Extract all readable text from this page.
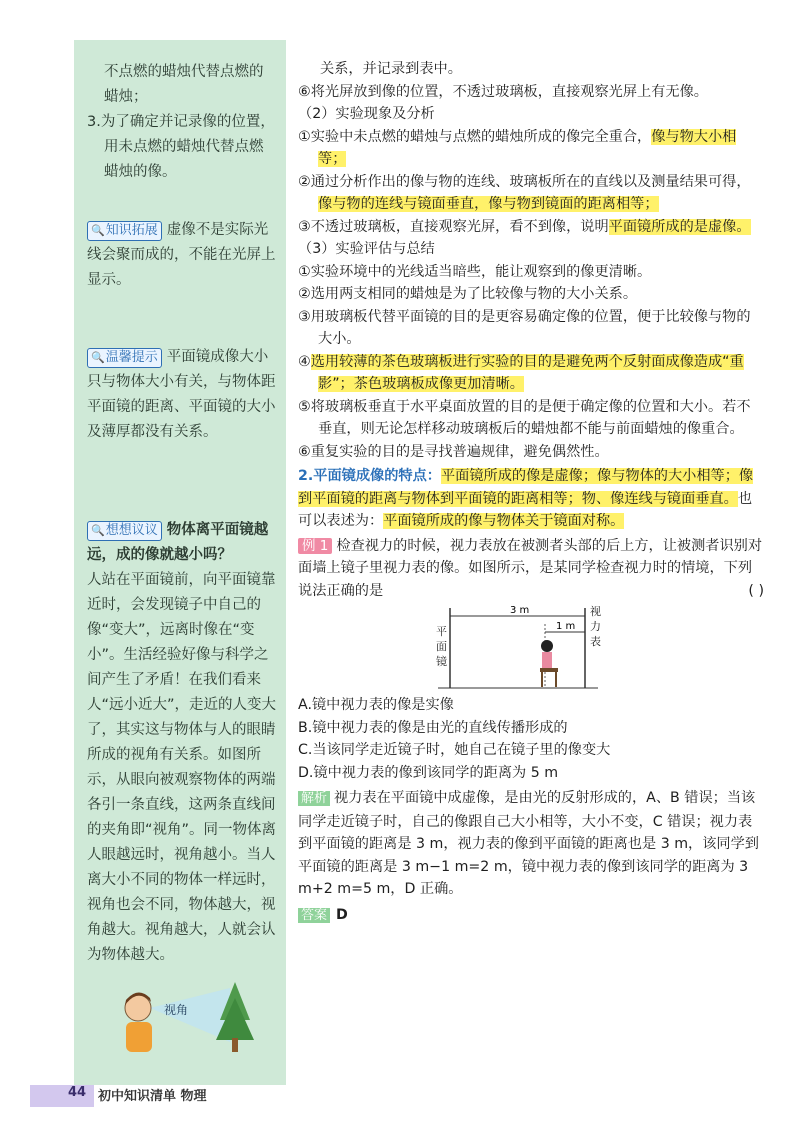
不点燃的蜡烛代替点燃的

蜡烛；

3.为了确定并记录像的位置，用未点燃的蜡烛代替点燃蜡烛的像。

🔍知识拓展 虚像不是实际光线会聚而成的，不能在光屏上显示。

🔍温馨提示 平面镜成像大小只与物体大小有关，与物体距平面镜的距离、平面镜的大小及薄厚都没有关系。

🔍想想议议 物体离平面镜越远，成的像就越小吗？

人站在平面镜前，向平面镜靠近时，会发现镜子中自己的像“变大”，远离时像在“变小”。生活经验好像与科学之间产生了矛盾！在我们看来人“远小近大”，走近的人变大了，其实这与物体与人的眼睛所成的视角有关系。如图所示，从眼向被观察物体的两端各引一条直线，这两条直线间的夹角即“视角”。同一物体离人眼越远时，视角越小。当人离大小不同的物体一样远时，视角也会不同，物体越大，视角越大。视角越大，人就会认为物体越大。

视角

关系，并记录到表中。

⑥将光屏放到像的位置，不透过玻璃板，直接观察光屏上有无像。

（2）实验现象及分析

①实验中未点燃的蜡烛与点燃的蜡烛所成的像完全重合，像与物大小相等；

②通过分析作出的像与物的连线、玻璃板所在的直线以及测量结果可得，像与物的连线与镜面垂直，像与物到镜面的距离相等；

③不透过玻璃板，直接观察光屏，看不到像，说明平面镜所成的是虚像。

（3）实验评估与总结

①实验环境中的光线适当暗些，能让观察到的像更清晰。

②选用两支相同的蜡烛是为了比较像与物的大小关系。

③用玻璃板代替平面镜的目的是更容易确定像的位置，便于比较像与物的大小。

④选用较薄的茶色玻璃板进行实验的目的是避免两个反射面成像造成“重影”；茶色玻璃板成像更加清晰。

⑤将玻璃板垂直于水平桌面放置的目的是便于确定像的位置和大小。若不垂直，则无论怎样移动玻璃板后的蜡烛都不能与前面蜡烛的像重合。

⑥重复实验的目的是寻找普遍规律，避免偶然性。

2.平面镜成像的特点：平面镜所成的像是虚像；像与物体的大小相等；像到平面镜的距离与物体到平面镜的距离相等；物、像连线与镜面垂直。也可以表述为：平面镜所成的像与物体关于镜面对称。

例 1 检查视力的时候，视力表放在被测者头部的后上方，让被测者识别对面墙上镜子里视力表的像。如图所示，是某同学检查视力时的情境，下列说法正确的是	( )

3 m
1 m
平面镜
视力表

A.镜中视力表的像是实像

B.镜中视力表的像是由光的直线传播形成的

C.当该同学走近镜子时，她自己在镜子里的像变大

D.镜中视力表的像到该同学的距离为 5 m

解析 视力表在平面镜中成虚像，是由光的反射形成的，A、B 错误；当该同学走近镜子时，自己的像跟自己大小相等，大小不变，C 错误；视力表到平面镜的距离是 3 m，视力表的像到平面镜的距离也是 3 m，该同学到平面镜的距离是 3 m−1 m=2 m，镜中视力表的像到该同学的距离为 3 m+2 m=5 m，D 正确。

答案 D

44 初中知识清单 物理
